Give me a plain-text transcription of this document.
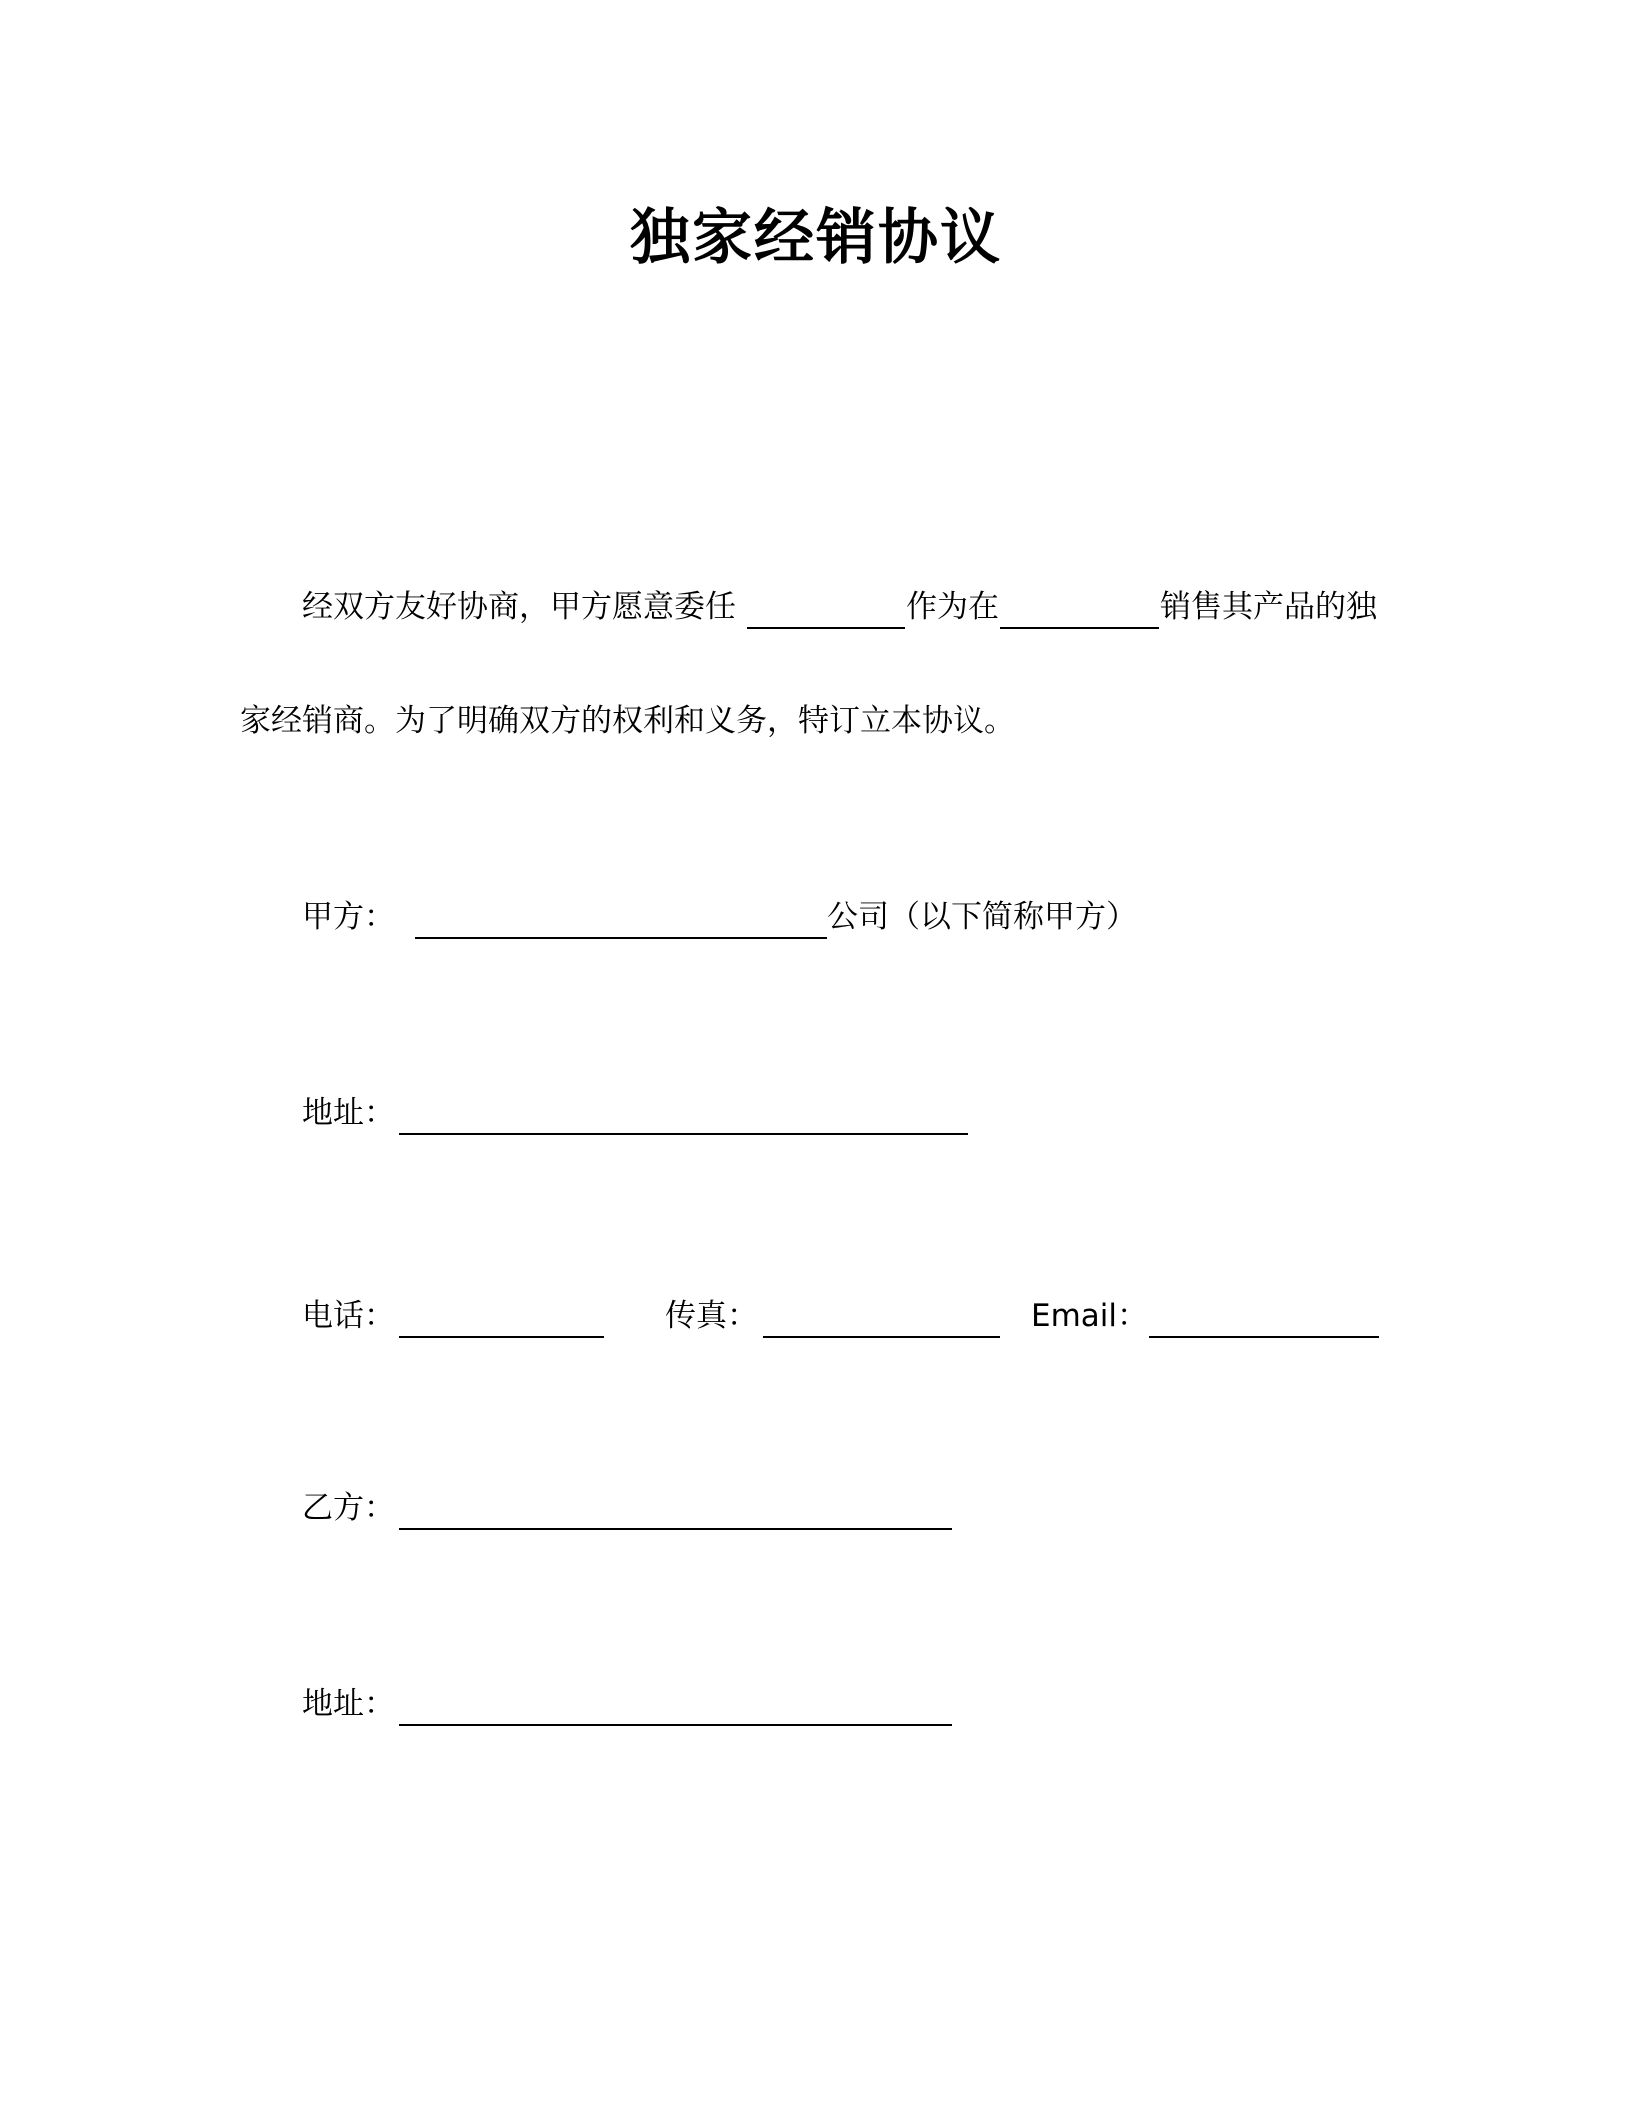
独家经销协议
经双方友好协商，甲方愿意委任	作为在	销售其产品的独
家经销商。为了明确双方的权利和义务，特订立本协议。
甲方：	公司（以下简称甲方）
地址：
电话：	传真：	Email：
乙方：
地址：
